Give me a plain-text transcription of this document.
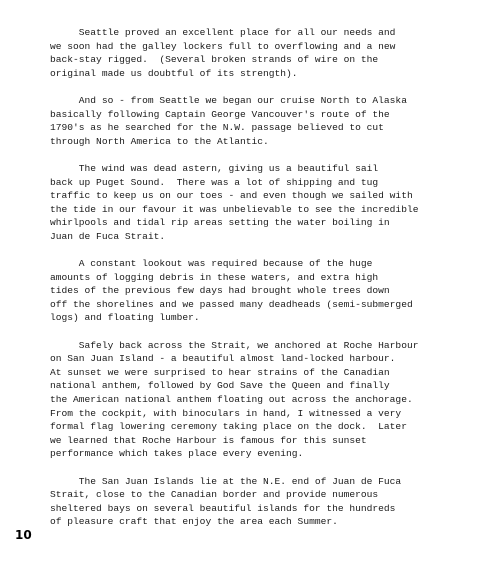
Seattle proved an excellent place for all our needs and
we soon had the galley lockers full to overflowing and a new
back-stay rigged.  (Several broken strands of wire on the
original made us doubtful of its strength).

And so - from Seattle we began our cruise North to Alaska
basically following Captain George Vancouver's route of the
1790's as he searched for the N.W. passage believed to cut
through North America to the Atlantic.

The wind was dead astern, giving us a beautiful sail
back up Puget Sound.  There was a lot of shipping and tug
traffic to keep us on our toes - and even though we sailed with
the tide in our favour it was unbelievable to see the incredible
whirlpools and tidal rip areas setting the water boiling in
Juan de Fuca Strait.

A constant lookout was required because of the huge
amounts of logging debris in these waters, and extra high
tides of the previous few days had brought whole trees down
off the shorelines and we passed many deadheads (semi-submerged
logs) and floating lumber.

Safely back across the Strait, we anchored at Roche Harbour
on San Juan Island - a beautiful almost land-locked harbour.
At sunset we were surprised to hear strains of the Canadian
national anthem, followed by God Save the Queen and finally
the American national anthem floating out across the anchorage.
From the cockpit, with binoculars in hand, I witnessed a very
formal flag lowering ceremony taking place on the dock.  Later
we learned that Roche Harbour is famous for this sunset
performance which takes place every evening.

The San Juan Islands lie at the N.E. end of Juan de Fuca
Strait, close to the Canadian border and provide numerous
sheltered bays on several beautiful islands for the hundreds
of pleasure craft that enjoy the area each Summer.

10
